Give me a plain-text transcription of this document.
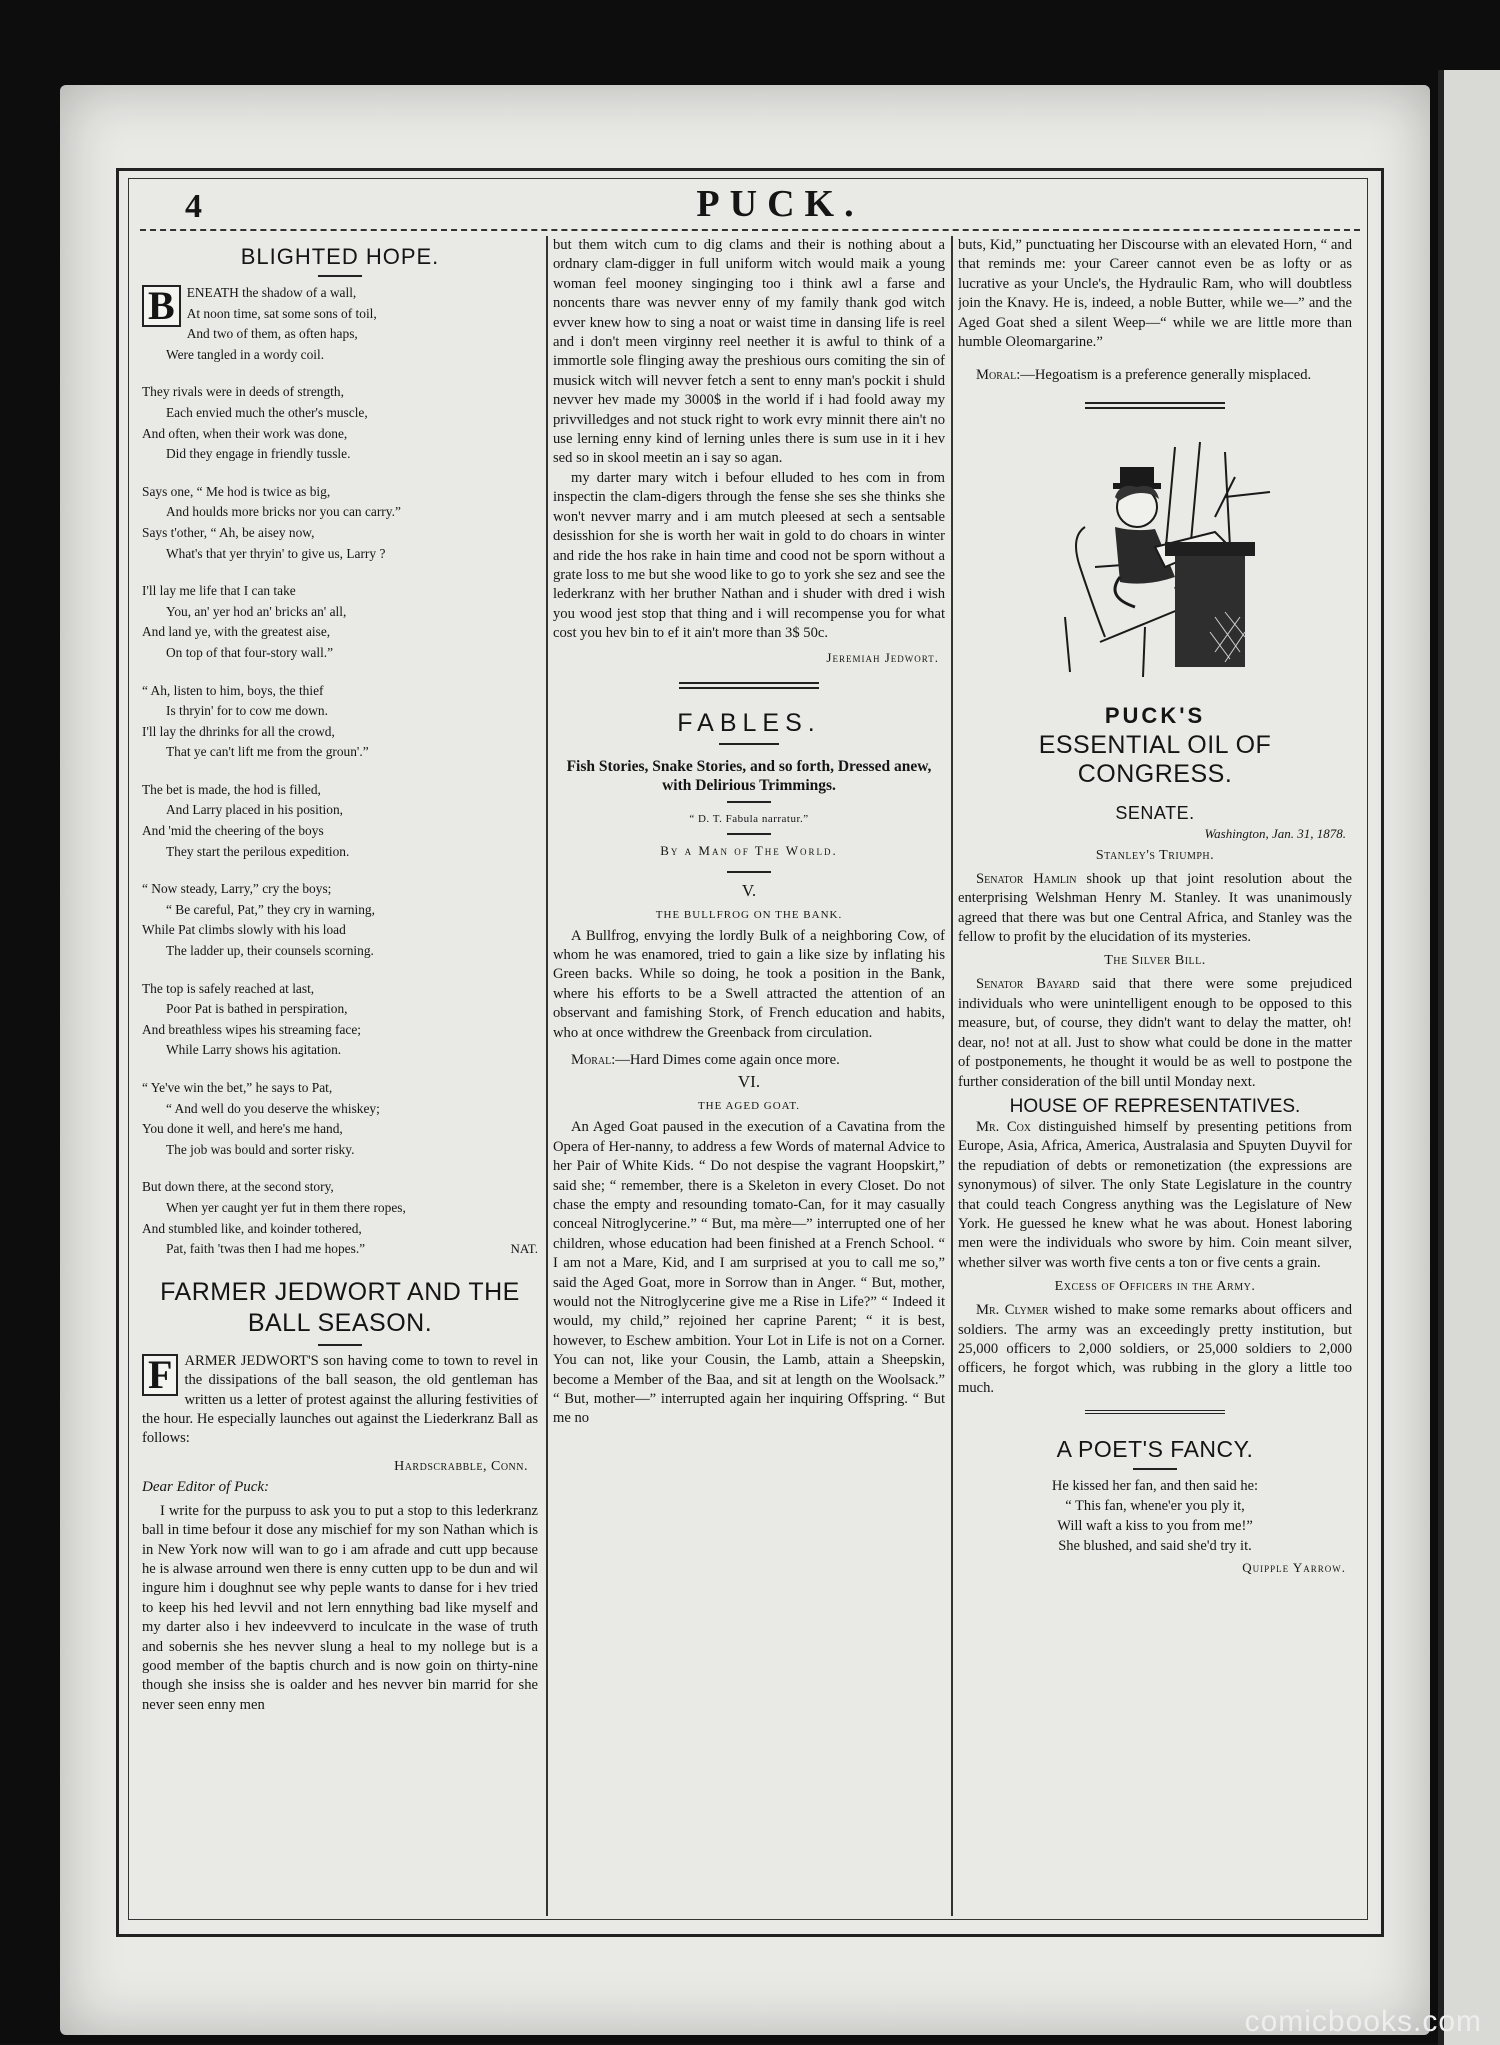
4	PUCK.
BLIGHTED HOPE.
B ENEATH the shadow of a wall,
At noon time, sat some sons of toil,
And two of them, as often haps,
Were tangled in a wordy coil.
They rivals were in deeds of strength,
Each envied much the other's muscle,
And often, when their work was done,
Did they engage in friendly tussle.
Says one, “ Me hod is twice as big,
And houlds more bricks nor you can carry.”
Says t'other, “ Ah, be aisey now,
What's that yer thryin' to give us, Larry ?
I'll lay me life that I can take
You, an' yer hod an' bricks an' all,
And land ye, with the greatest aise,
On top of that four-story wall.”
“ Ah, listen to him, boys, the thief
Is thryin' for to cow me down.
I'll lay the dhrinks for all the crowd,
That ye can't lift me from the groun'.”
The bet is made, the hod is filled,
And Larry placed in his position,
And 'mid the cheering of the boys
They start the perilous expedition.
“ Now steady, Larry,” cry the boys;
“ Be careful, Pat,” they cry in warning,
While Pat climbs slowly with his load
The ladder up, their counsels scorning.
The top is safely reached at last,
Poor Pat is bathed in perspiration,
And breathless wipes his streaming face;
While Larry shows his agitation.
“ Ye've win the bet,” he says to Pat,
“ And well do you deserve the whiskey;
You done it well, and here's me hand,
The job was bould and sorter risky.
But down there, at the second story,
When yer caught yer fut in them there ropes,
And stumbled like, and koinder tothered,
Pat, faith 'twas then I had me hopes.”	NAT.
FARMER JEDWORT AND THE BALL SEASON.

F ARMER JEDWORT'S son having come to town to revel in the dissipations of the ball season, the old gentleman has written us a letter of protest against the alluring festivities of the hour. He especially launches out against the Liederkranz Ball as follows:

Hardscrabble, Conn.
Dear Editor of Puck:

I write for the purpuss to ask you to put a stop to this lederkranz ball in time befour it dose any mischief for my son Nathan which is in New York now will wan to go i am afrade and cutt upp because he is alwase arround wen there is enny cutten upp to be dun and wil ingure him i doughnut see why peple wants to danse for i hev tried to keep his hed levvil and not lern ennything bad like myself and my darter also i hev indeevverd to inculcate in the wase of truth and sobernis she hes nevver slung a heal to my nollege but is a good member of the baptis church and is now goin on thirty-nine though she insiss she is oalder and hes nevver bin marrid for she never seen enny men

but them witch cum to dig clams and their is nothing about a ordnary clam-digger in full uniform witch would maik a young woman feel mooney singinging too i think awl a farse and noncents thare was nevver enny of my family thank god witch evver knew how to sing a noat or waist time in dansing life is reel and i don't meen virginny reel neether it is awful to think of a immortle sole flinging away the preshious ours comiting the sin of musick witch will nevver fetch a sent to enny man's pockit i shuld nevver hev made my 3000$ in the world if i had foold away my privvilledges and not stuck right to work evry minnit there ain't no use lerning enny kind of lerning unles there is sum use in it i hev sed so in skool meetin an i say so agan.

my darter mary witch i befour elluded to hes com in from inspectin the clam-digers through the fense she ses she thinks she won't nevver marry and i am mutch pleesed at sech a sentsable desisshion for she is worth her wait in gold to do choars in winter and ride the hos rake in hain time and cood not be sporn without a grate loss to me but she wood like to go to york she sez and see the lederkranz with her bruther Nathan and i shuder with dred i wish you wood jest stop that thing and i will recompense you for what cost you hev bin to ef it ain't more than 3$ 50c.

Jeremiah Jedwort.
FABLES.
Fish Stories, Snake Stories, and so forth, Dressed anew, with Delirious Trimmings.
“ D. T. Fabula narratur.”
By a Man of The World.
V.
THE BULLFROG ON THE BANK.

A Bullfrog, envying the lordly Bulk of a neighboring Cow, of whom he was enamored, tried to gain a like size by inflating his Green backs. While so doing, he took a position in the Bank, where his efforts to be a Swell attracted the attention of an observant and famishing Stork, of French education and habits, who at once withdrew the Greenback from circulation.

Moral:—Hard Dimes come again once more.

VI.
THE AGED GOAT.

An Aged Goat paused in the execution of a Cavatina from the Opera of Her-nanny, to address a few Words of maternal Advice to her Pair of White Kids. “ Do not despise the vagrant Hoopskirt,” said she; “ remember, there is a Skeleton in every Closet. Do not chase the empty and resounding tomato-Can, for it may casually conceal Nitroglycerine.” “ But, ma mère—” interrupted one of her children, whose education had been finished at a French School. “ I am not a Mare, Kid, and I am surprised at you to call me so,” said the Aged Goat, more in Sorrow than in Anger. “ But, mother, would not the Nitroglycerine give me a Rise in Life?” “ Indeed it would, my child,” rejoined her caprine Parent; “ it is best, however, to Eschew ambition. Your Lot in Life is not on a Corner. You can not, like your Cousin, the Lamb, attain a Sheepskin, become a Member of the Baa, and sit at length on the Woolsack.” “ But, mother—” interrupted again her inquiring Offspring. “ But me no

buts, Kid,” punctuating her Discourse with an elevated Horn, “ and that reminds me: your Career cannot even be as lofty or as lucrative as your Uncle's, the Hydraulic Ram, who will doubtless join the Knavy. He is, indeed, a noble Butter, while we—” and the Aged Goat shed a silent Weep—“ while we are little more than humble Oleomargarine.”

Moral:—Hegoatism is a preference generally misplaced.

PUCK'S
ESSENTIAL OIL OF CONGRESS.
SENATE.
Washington, Jan. 31, 1878.
Stanley's Triumph.

Senator Hamlin shook up that joint resolution about the enterprising Welshman Henry M. Stanley. It was unanimously agreed that there was but one Central Africa, and Stanley was the fellow to profit by the elucidation of its mysteries.

The Silver Bill.

Senator Bayard said that there were some prejudiced individuals who were unintelligent enough to be opposed to this measure, but, of course, they didn't want to delay the matter, oh! dear, no! not at all. Just to show what could be done in the matter of postponements, he thought it would be as well to postpone the further consideration of the bill until Monday next.

HOUSE OF REPRESENTATIVES.

Mr. Cox distinguished himself by presenting petitions from Europe, Asia, Africa, America, Australasia and Spuyten Duyvil for the repudiation of debts or remonetization (the expressions are synonymous) of silver. The only State Legislature in the country that could teach Congress anything was the Legislature of New York. He guessed he knew what he was about. Honest laboring men were the individuals who swore by him. Coin meant silver, whether silver was worth five cents a ton or five cents a grain.

Excess of Officers in the Army.

Mr. Clymer wished to make some remarks about officers and soldiers. The army was an exceedingly pretty institution, but 25,000 officers to 2,000 soldiers, or 25,000 soldiers to 2,000 officers, he forgot which, was rubbing in the glory a little too much.

A POET'S FANCY.
He kissed her fan, and then said he:
“ This fan, whene'er you ply it,
Will waft a kiss to you from me!”
She blushed, and said she'd try it.
Quipple Yarrow.
comicbooks.com
